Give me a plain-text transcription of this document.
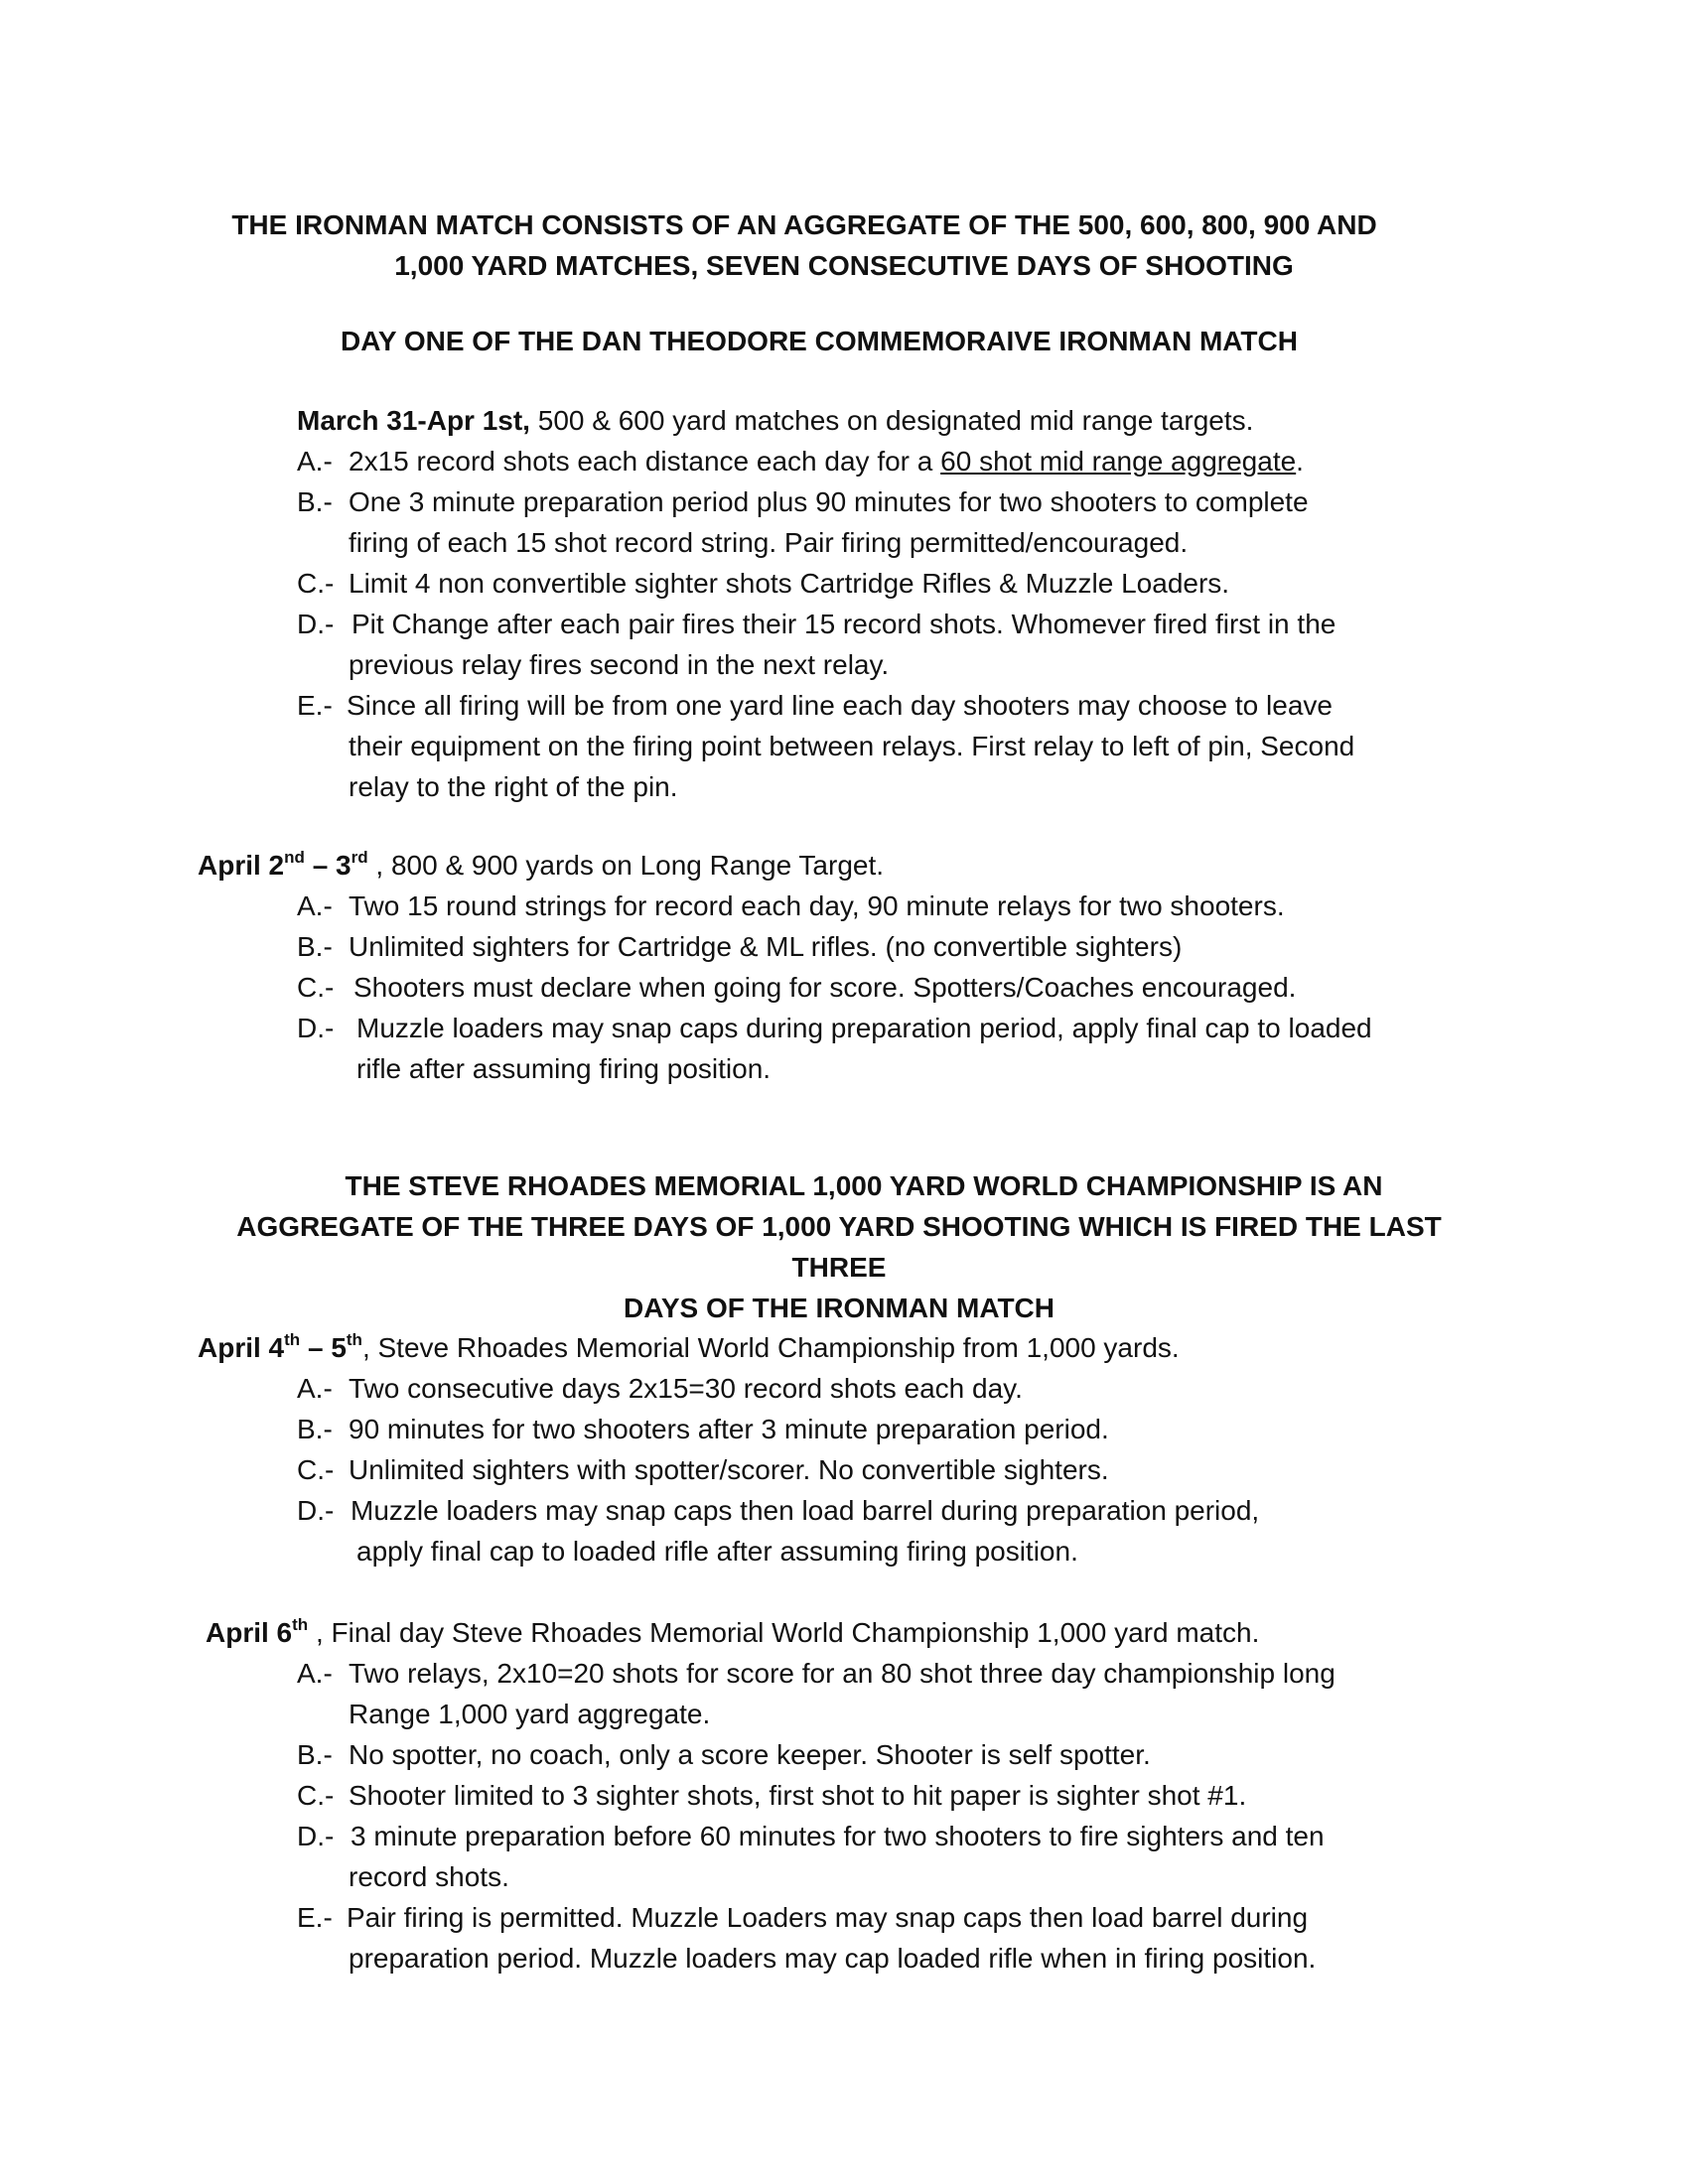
THE IRONMAN MATCH CONSISTS OF AN AGGREGATE OF THE 500, 600, 800, 900 AND
1,000 YARD MATCHES, SEVEN CONSECUTIVE DAYS OF SHOOTING
DAY ONE OF THE DAN THEODORE COMMEMORAIVE IRONMAN MATCH
March 31-Apr 1st, 500 & 600 yard matches on designated mid range targets.
A.- 2x15 record shots each distance each day for a 60 shot mid range aggregate.
B.- One 3 minute preparation period plus 90 minutes for two shooters to complete
firing of each 15 shot record string. Pair firing permitted/encouraged.
C.- Limit 4 non convertible sighter shots Cartridge Rifles & Muzzle Loaders.
D.- Pit Change after each pair fires their 15 record shots. Whomever fired first in the
previous relay fires second in the next relay.
E.- Since all firing will be from one yard line each day shooters may choose to leave
their equipment on the firing point between relays. First relay to left of pin, Second
relay to the right of the pin.
April 2nd – 3rd , 800 & 900 yards on Long Range Target.
A.- Two 15 round strings for record each day, 90 minute relays for two shooters.
B.- Unlimited sighters for Cartridge & ML rifles. (no convertible sighters)
C.- Shooters must declare when going for score. Spotters/Coaches encouraged.
D.- Muzzle loaders may snap caps during preparation period, apply final cap to loaded
rifle after assuming firing position.
THE STEVE RHOADES MEMORIAL 1,000 YARD WORLD CHAMPIONSHIP IS AN
AGGREGATE OF THE THREE DAYS OF 1,000 YARD SHOOTING WHICH IS FIRED THE LAST THREE
DAYS OF THE IRONMAN MATCH
April 4th – 5th, Steve Rhoades Memorial World Championship from 1,000 yards.
A.- Two consecutive days 2x15=30 record shots each day.
B.- 90 minutes for two shooters after 3 minute preparation period.
C.- Unlimited sighters with spotter/scorer. No convertible sighters.
D.- Muzzle loaders may snap caps then load barrel during preparation period,
apply final cap to loaded rifle after assuming firing position.
April 6th , Final day Steve Rhoades Memorial World Championship 1,000 yard match.
A.- Two relays, 2x10=20 shots for score for an 80 shot three day championship long
Range 1,000 yard aggregate.
B.- No spotter, no coach, only a score keeper. Shooter is self spotter.
C.- Shooter limited to 3 sighter shots, first shot to hit paper is sighter shot #1.
D.- 3 minute preparation before 60 minutes for two shooters to fire sighters and ten
record shots.
E.- Pair firing is permitted. Muzzle Loaders may snap caps then load barrel during
preparation period. Muzzle loaders may cap loaded rifle when in firing position.
